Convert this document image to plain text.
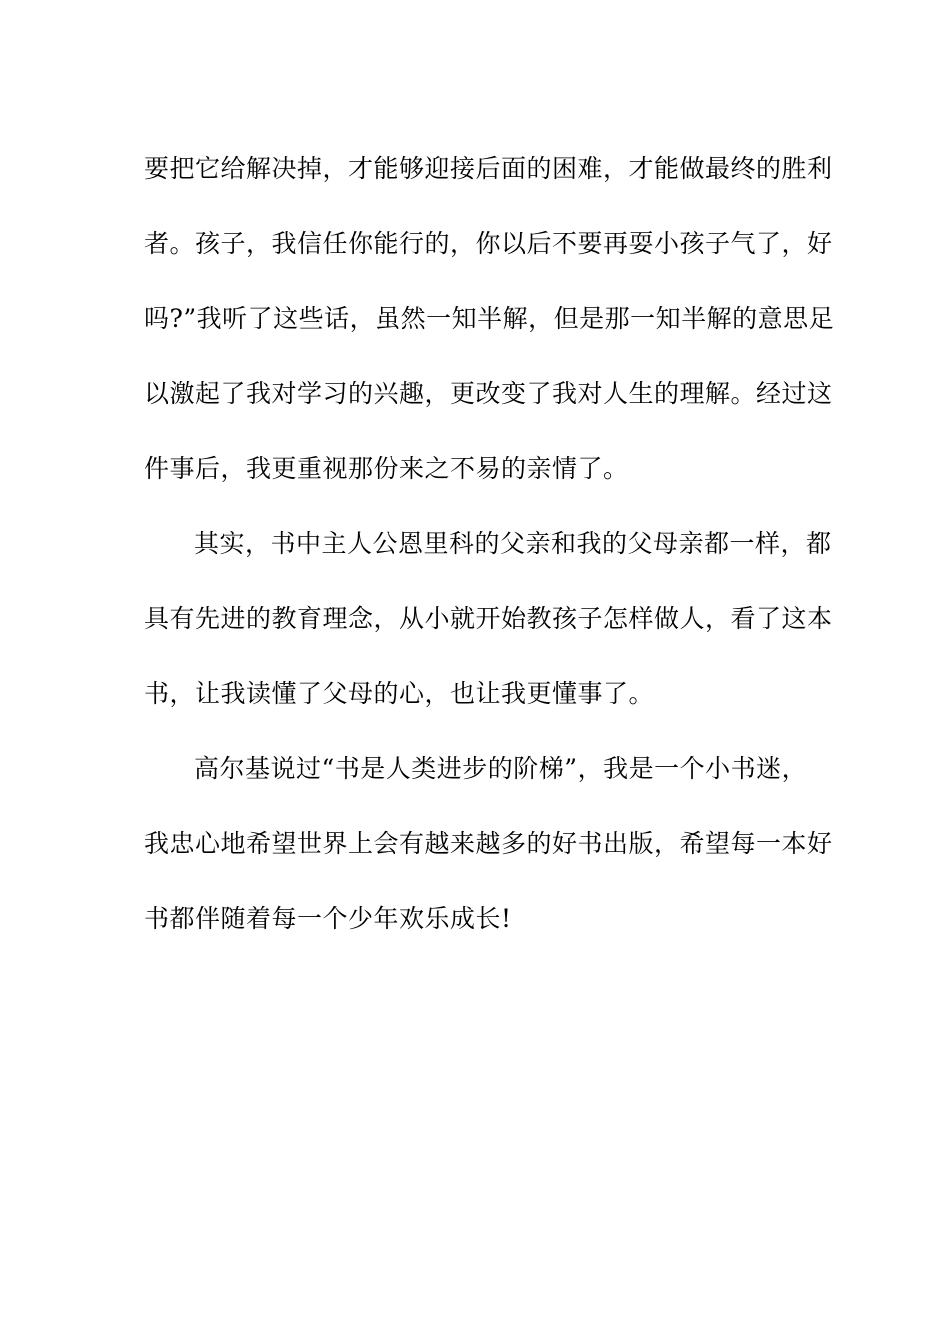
要把它给解决掉，才能够迎接后面的困难，才能做最终的胜利
者。孩子，我信任你能行的，你以后不要再耍小孩子气了，好
吗?”我听了这些话，虽然一知半解，但是那一知半解的意思足
以激起了我对学习的兴趣，更改变了我对人生的理解。经过这
件事后，我更重视那份来之不易的亲情了。
其实，书中主人公恩里科的父亲和我的父母亲都一样，都
具有先进的教育理念，从小就开始教孩子怎样做人，看了这本
书，让我读懂了父母的心，也让我更懂事了。
高尔基说过“书是人类进步的阶梯”，我是一个小书迷，
我忠心地希望世界上会有越来越多的好书出版，希望每一本好
书都伴随着每一个少年欢乐成长!
